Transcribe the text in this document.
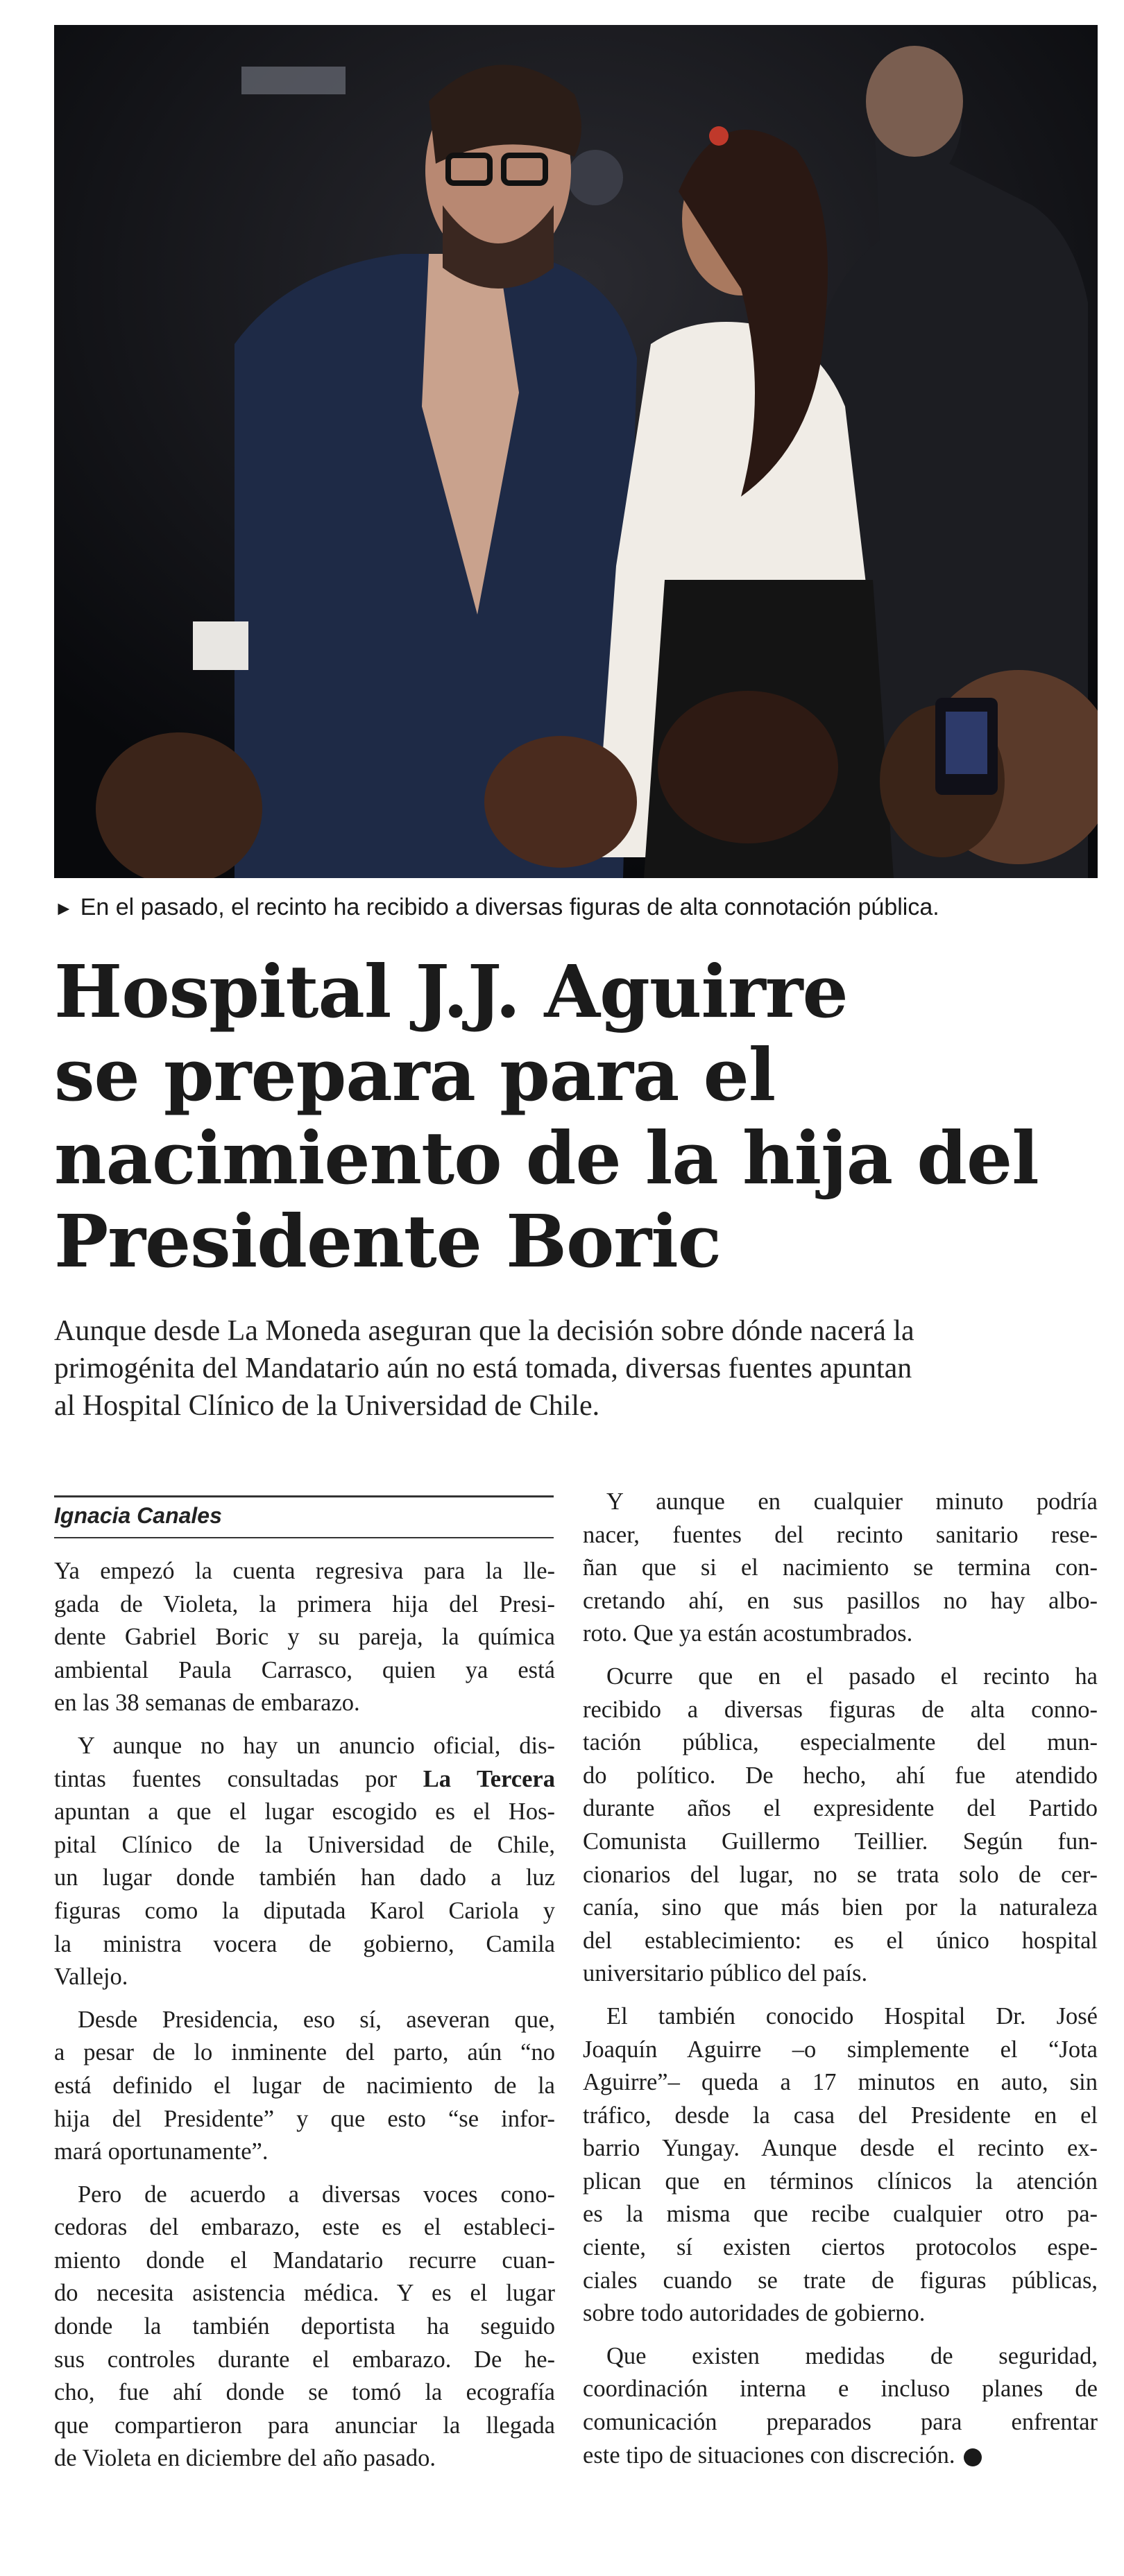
► En el pasado, el recinto ha recibido a diversas figuras de alta connotación pública.
Hospital J.J. Aguirre
se prepara para el
nacimiento de la hija del
Presidente Boric
Aunque desde La Moneda aseguran que la decisión sobre dónde nacerá la
primogénita del Mandatario aún no está tomada, diversas fuentes apuntan
al Hospital Clínico de la Universidad de Chile.
Ignacia Canales

Ya empezó la cuenta regresiva para la lle-
gada de Violeta, la primera hija del Presi-
dente Gabriel Boric y su pareja, la química
ambiental Paula Carrasco, quien ya está
en las 38 semanas de embarazo.

Y aunque no hay un anuncio oficial, dis-
tintas fuentes consultadas por La Tercera
apuntan a que el lugar escogido es el Hos-
pital Clínico de la Universidad de Chile,
un lugar donde también han dado a luz
figuras como la diputada Karol Cariola y
la ministra vocera de gobierno, Camila
Vallejo.

Desde Presidencia, eso sí, aseveran que,
a pesar de lo inminente del parto, aún “no
está definido el lugar de nacimiento de la
hija del Presidente” y que esto “se infor-
mará oportunamente”.

Pero de acuerdo a diversas voces cono-
cedoras del embarazo, este es el estableci-
miento donde el Mandatario recurre cuan-
do necesita asistencia médica. Y es el lugar
donde la también deportista ha seguido
sus controles durante el embarazo. De he-
cho, fue ahí donde se tomó la ecografía
que compartieron para anunciar la llegada
de Violeta en diciembre del año pasado.

Y aunque en cualquier minuto podría
nacer, fuentes del recinto sanitario rese-
ñan que si el nacimiento se termina con-
cretando ahí, en sus pasillos no hay albo-
roto. Que ya están acostumbrados.

Ocurre que en el pasado el recinto ha
recibido a diversas figuras de alta conno-
tación pública, especialmente del mun-
do político. De hecho, ahí fue atendido
durante años el expresidente del Partido
Comunista Guillermo Teillier. Según fun-
cionarios del lugar, no se trata solo de cer-
canía, sino que más bien por la naturaleza
del establecimiento: es el único hospital
universitario público del país.

El también conocido Hospital Dr. José
Joaquín Aguirre –o simplemente el “Jota
Aguirre”– queda a 17 minutos en auto, sin
tráfico, desde la casa del Presidente en el
barrio Yungay. Aunque desde el recinto ex-
plican que en términos clínicos la atención
es la misma que recibe cualquier otro pa-
ciente, sí existen ciertos protocolos espe-
ciales cuando se trate de figuras públicas,
sobre todo autoridades de gobierno.

Que existen medidas de seguridad,
coordinación interna e incluso planes de
comunicación preparados para enfrentar
este tipo de situaciones con discreción.
